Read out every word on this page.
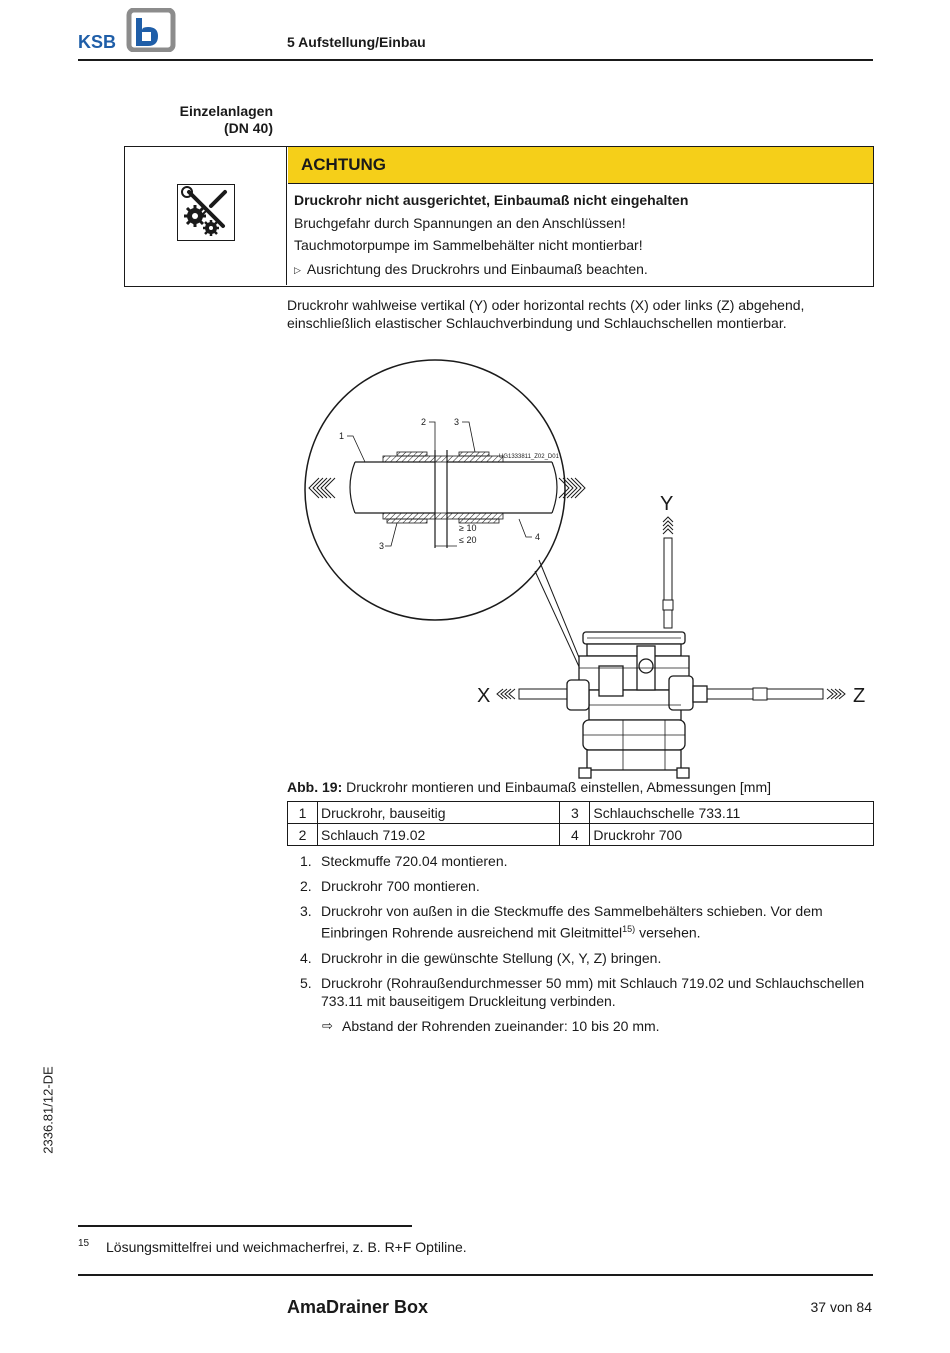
KSB	5 Aufstellung/Einbau
Einzelanlagen
(DN 40)
ACHTUNG
Druckrohr nicht ausgerichtet, Einbaumaß nicht eingehalten
Bruchgefahr durch Spannungen an den Anschlüssen!
Tauchmotorpumpe im Sammelbehälter nicht montierbar!
▷ Ausrichtung des Druckrohrs und Einbaumaß beachten.
Druckrohr wahlweise vertikal (Y) oder horizontal rechts (X) oder links (Z) abgehend, einschließlich elastischer Schlauchverbindung und Schlauchschellen montierbar.
1
2	3
3
4
UG1333811_Z02_D01
≥ 10
≤ 20
Y
X	Z
Abb. 19: Druckrohr montieren und Einbaumaß einstellen, Abmessungen [mm]
1	Druckrohr, bauseitig	3	Schlauchschelle 733.11
2	Schlauch 719.02	4	Druckrohr 700
1. Steckmuffe 720.04 montieren.
2. Druckrohr 700 montieren.
3. Druckrohr von außen in die Steckmuffe des Sammelbehälters schieben. Vor dem Einbringen Rohrende ausreichend mit Gleitmittel$^{15)}$ versehen.
4. Druckrohr in die gewünschte Stellung (X, Y, Z) bringen.
5. Druckrohr (Rohraußendurchmesser 50 mm) mit Schlauch 719.02 und Schlauchschellen 733.11 mit bauseitigem Druckleitung verbinden.
⇨ Abstand der Rohrenden zueinander: 10 bis 20 mm.
2336.81/12-DE
15 Lösungsmittelfrei und weichmacherfrei, z. B. R+F Optiline.
AmaDrainer Box	37 von 84
